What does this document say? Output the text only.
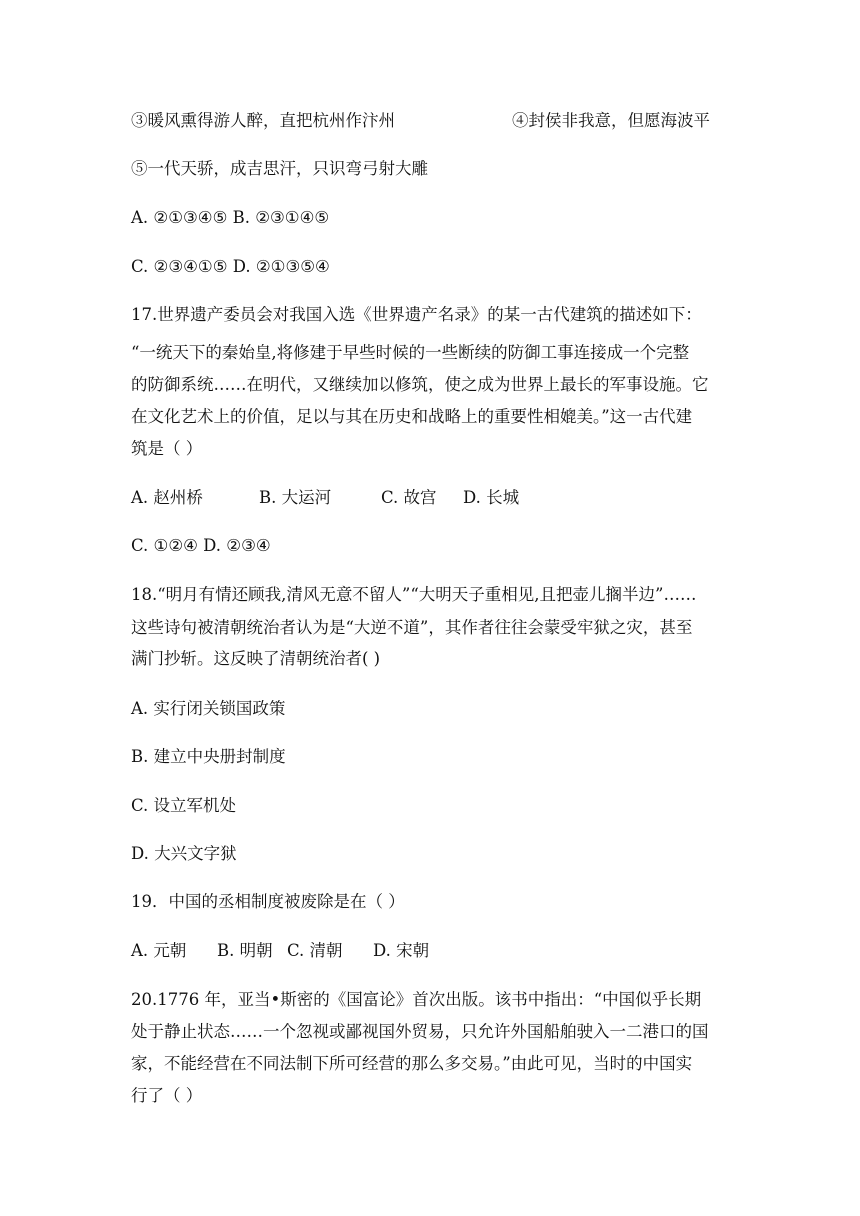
③暖风熏得游人醉，直把杭州作汴州	④封侯非我意，但愿海波平
⑤一代天骄，成吉思汗，只识弯弓射大雕
A. ②①③④⑤ B. ②③①④⑤
C. ②③④①⑤ D. ②①③⑤④
17.世界遗产委员会对我国入选《世界遗产名录》的某一古代建筑的描述如下：
“一统天下的秦始皇,将修建于早些时候的一些断续的防御工事连接成一个完整
的防御系统……在明代，又继续加以修筑，使之成为世界上最长的军事设施。它
在文化艺术上的价值，足以与其在历史和战略上的重要性相媲美。”这一古代建
筑是（ ）
A. 赵州桥	B. 大运河	C. 故宫 D. 长城
C. ①②④ D. ②③④
18.“明月有情还顾我,清风无意不留人”“大明天子重相见,且把壶儿搁半边”……
这些诗句被清朝统治者认为是“大逆不道”，其作者往往会蒙受牢狱之灾，甚至
满门抄斩。这反映了清朝统治者( )
A. 实行闭关锁国政策
B. 建立中央册封制度
C. 设立军机处
D. 大兴文字狱
19．中国的丞相制度被废除是在（ ）
A. 元朝 B. 明朝 C. 清朝 D. 宋朝
20.1776 年，亚当•斯密的《国富论》首次出版。该书中指出：“中国似乎长期
处于静止状态……一个忽视或鄙视国外贸易，只允许外国船舶驶入一二港口的国
家，不能经营在不同法制下所可经营的那么多交易。”由此可见，当时的中国实
行了（ ）
